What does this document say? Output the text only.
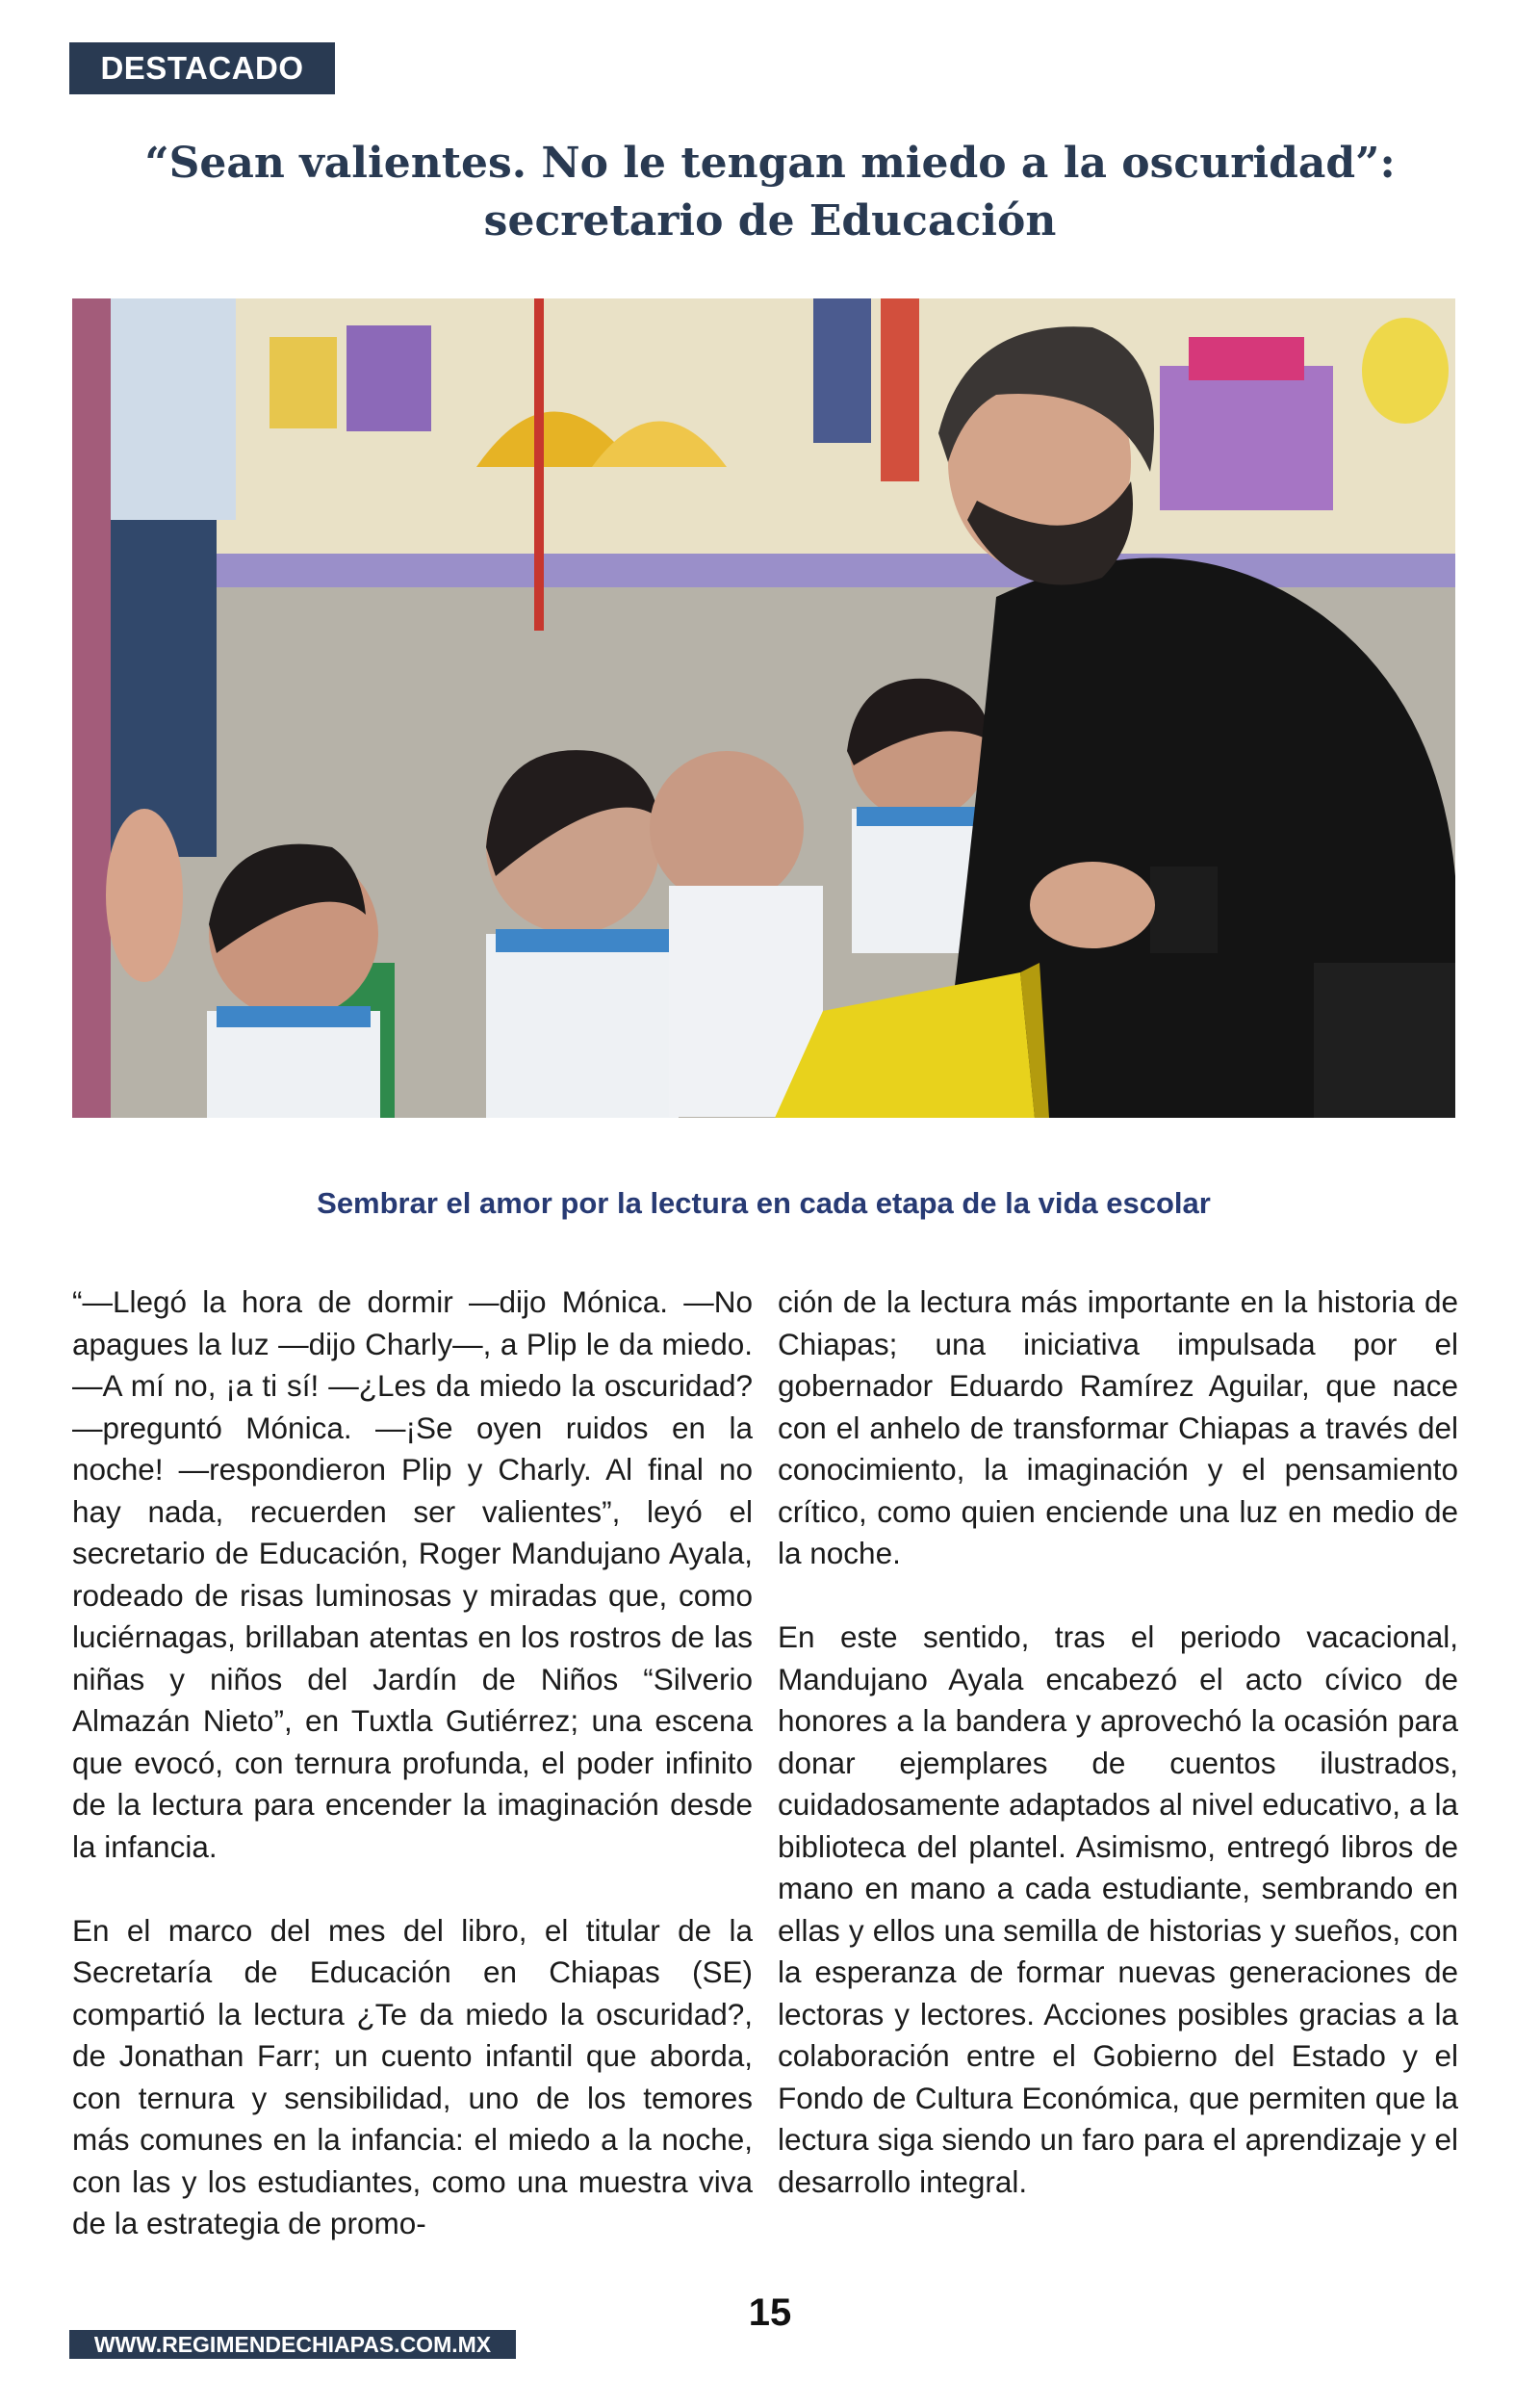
DESTACADO
“Sean valientes. No le tengan miedo a la oscuridad”:
secretario de Educación
Sembrar el amor por la lectura en cada etapa de la vida escolar

“—Llegó la hora de dormir —dijo Mónica. —No apagues la luz —dijo Charly—, a Plip le da miedo. —A mí no, ¡a ti sí! —¿Les da miedo la oscuridad? —preguntó Mónica. —¡Se oyen ruidos en la noche! —respondieron Plip y Charly. Al final no hay nada, recuerden ser valientes”, leyó el secretario de Educación, Roger Mandujano Ayala, rodeado de risas luminosas y miradas que, como luciérnagas, brillaban atentas en los rostros de las niñas y niños del Jardín de Niños “Silverio Almazán Nieto”, en Tuxtla Gutiérrez; una escena que evocó, con ternura profunda, el poder infinito de la lectura para encender la imaginación desde la infancia.

En el marco del mes del libro, el titular de la Secretaría de Educación en Chiapas (SE) compartió la lectura ¿Te da miedo la oscuridad?, de Jonathan Farr; un cuento infantil que aborda, con ternura y sensibilidad, uno de los temores más comunes en la infancia: el miedo a la noche, con las y los estudiantes, como una muestra viva de la estrategia de promo-

ción de la lectura más importante en la historia de Chiapas; una iniciativa impulsada por el gobernador Eduardo Ramírez Aguilar, que nace con el anhelo de transformar Chiapas a través del conocimiento, la imaginación y el pensamiento crítico, como quien enciende una luz en medio de la noche.

En este sentido, tras el periodo vacacional, Mandujano Ayala encabezó el acto cívico de honores a la bandera y aprovechó la ocasión para donar ejemplares de cuentos ilustrados, cuidadosamente adaptados al nivel educativo, a la biblioteca del plantel. Asimismo, entregó libros de mano en mano a cada estudiante, sembrando en ellas y ellos una semilla de historias y sueños, con la esperanza de formar nuevas generaciones de lectoras y lectores. Acciones posibles gracias a la colaboración entre el Gobierno del Estado y el Fondo de Cultura Económica, que permiten que la lectura siga siendo un faro para el aprendizaje y el desarrollo integral.

WWW.REGIMENDECHIAPAS.COM.MX
15
